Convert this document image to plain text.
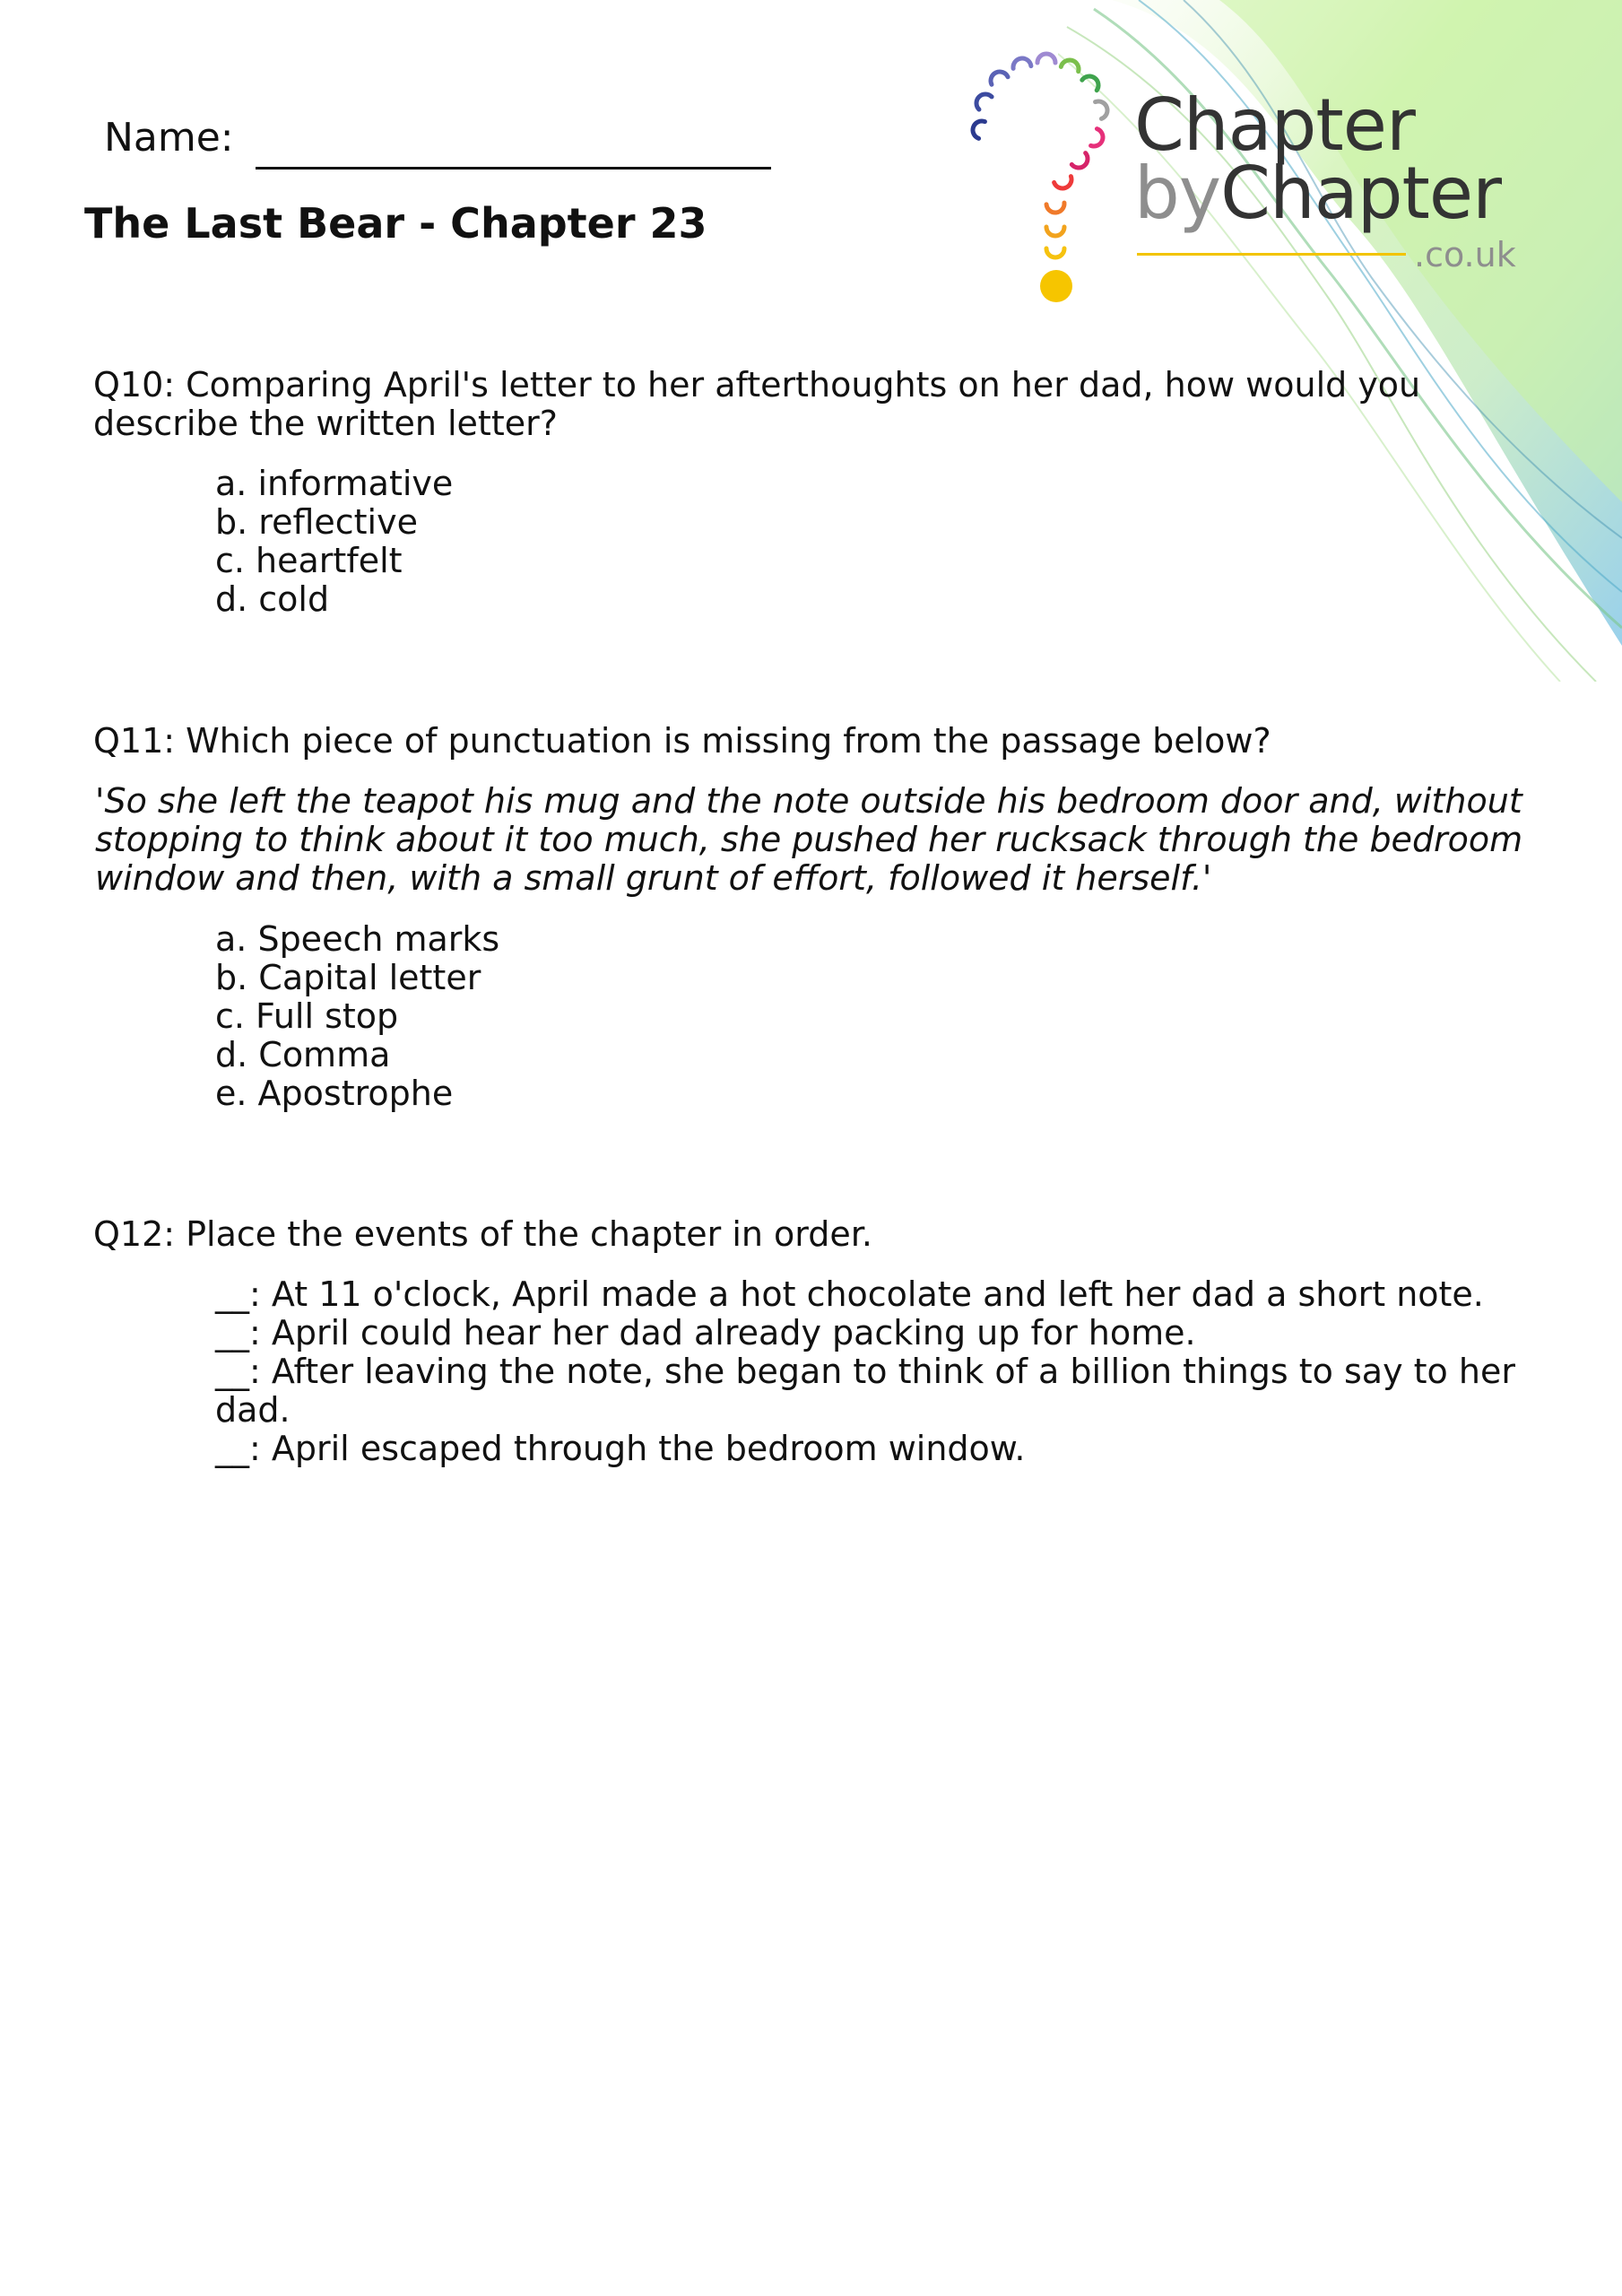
Name:
The Last Bear - Chapter 23
Chapter
byChapter
.co.uk
Q10: Comparing April's letter to her afterthoughts on her dad, how would you describe the written letter?

a. informative

b. reflective

c. heartfelt

d. cold

Q11: Which piece of punctuation is missing from the passage below?
'So she left the teapot his mug and the note outside his bedroom door and, without stopping to think about it too much, she pushed her rucksack through the bedroom window and then, with a small grunt of effort, followed it herself.'

a. Speech marks

b. Capital letter

c. Full stop

d. Comma

e. Apostrophe

Q12: Place the events of the chapter in order.

__: At 11 o'clock, April made a hot chocolate and left her dad a short note.

__: April could hear her dad already packing up for home.

__: After leaving the note, she began to think of a billion things to say to her dad.

__: April escaped through the bedroom window.
